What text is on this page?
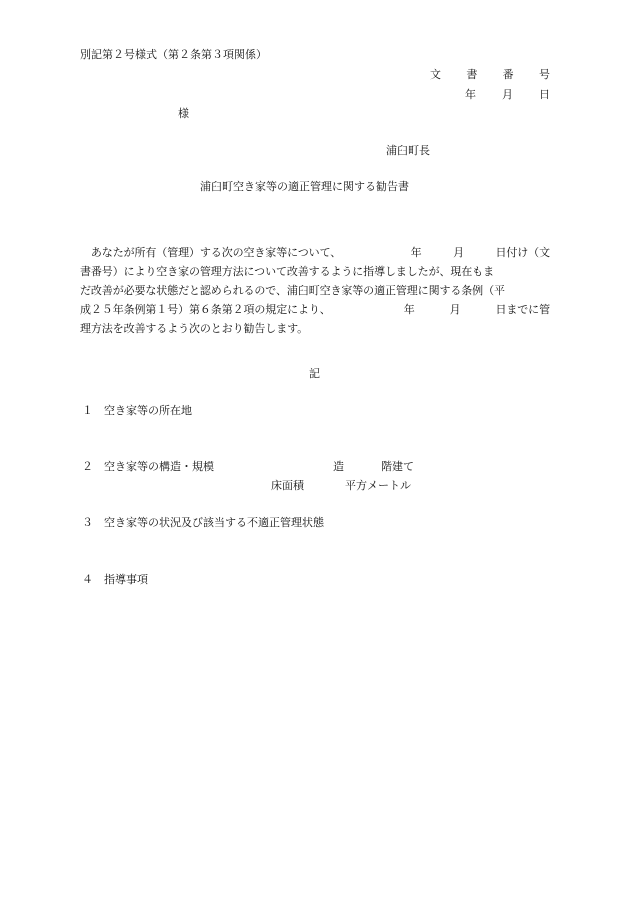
別記第２号様式（第２条第３項関係）
文 書 番 号
年 月 日
様
浦臼町長
浦臼町空き家等の適正管理に関する勧告書
　あなたが所有（管理）する次の空き家等について、	年	月	日付け（文
書番号）により空き家の管理方法について改善するように指導しましたが、現在もま
だ改善が必要な状態だと認められるので、浦臼町空き家等の適正管理に関する条例（平
成２５年条例第１号）第６条第２項の規定により、	年	月	日までに管
理方法を改善するよう次のとおり勧告します。
記
１ 空き家等の所在地
２ 空き家等の構造・規模	造	階建て
床面積	平方メートル
３ 空き家等の状況及び該当する不適正管理状態
４ 指導事項
